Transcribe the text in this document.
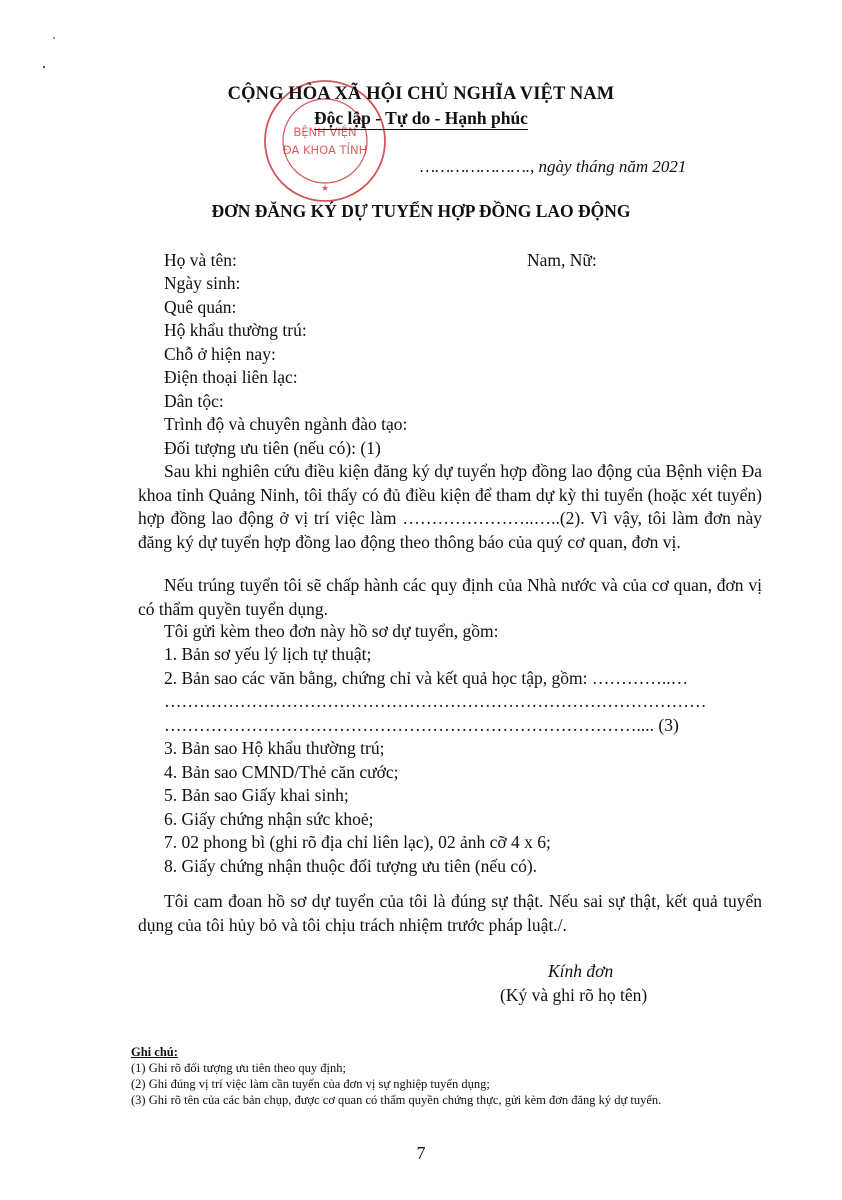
BỆNH VIỆN
ĐA KHOA TỈNH
★
CỘNG HÒA XÃ HỘI CHỦ NGHĨA VIỆT NAM
Độc lập - Tự do - Hạnh phúc
…………………., ngày tháng năm 2021
ĐƠN ĐĂNG KÝ DỰ TUYỂN HỢP ĐỒNG LAO ĐỘNG
Họ và tên:	Nam, Nữ:
Ngày sinh:
Quê quán:
Hộ khẩu thường trú:
Chỗ ở hiện nay:
Điện thoại liên lạc:
Dân tộc:
Trình độ và chuyên ngành đào tạo:
Đối tượng ưu tiên (nếu có): (1)
Sau khi nghiên cứu điều kiện đăng ký dự tuyển hợp đồng lao động của Bệnh viện Đa khoa tỉnh Quảng Ninh, tôi thấy có đủ điều kiện để tham dự kỳ thi tuyển (hoặc xét tuyển) hợp đồng lao động ở vị trí việc làm …………………..…..(2). Vì vậy, tôi làm đơn này đăng ký dự tuyển hợp đồng lao động theo thông báo của quý cơ quan, đơn vị.
Nếu trúng tuyển tôi sẽ chấp hành các quy định của Nhà nước và của cơ quan, đơn vị có thẩm quyền tuyển dụng.
Tôi gửi kèm theo đơn này hồ sơ dự tuyển, gồm:
1. Bản sơ yếu lý lịch tự thuật;
2. Bản sao các văn bằng, chứng chỉ và kết quả học tập, gồm: …………..…
…………………………………………………………………………………
……………………………………………………………………….... (3)
3. Bản sao Hộ khẩu thường trú;
4. Bản sao CMND/Thẻ căn cước;
5. Bản sao Giấy khai sinh;
6. Giấy chứng nhận sức khoẻ;
7. 02 phong bì (ghi rõ địa chỉ liên lạc), 02 ảnh cỡ 4 x 6;
8. Giấy chứng nhận thuộc đối tượng ưu tiên (nếu có).
Tôi cam đoan hồ sơ dự tuyển của tôi là đúng sự thật. Nếu sai sự thật, kết quả tuyển dụng của tôi hủy bỏ và tôi chịu trách nhiệm trước pháp luật./.
Kính đơn
(Ký và ghi rõ họ tên)
Ghi chú:
(1) Ghi rõ đối tượng ưu tiên theo quy định;
(2) Ghi đúng vị trí việc làm cần tuyển của đơn vị sự nghiệp tuyển dụng;
(3) Ghi rõ tên của các bản chụp, được cơ quan có thẩm quyền chứng thực, gửi kèm đơn đăng ký dự tuyển.
7
